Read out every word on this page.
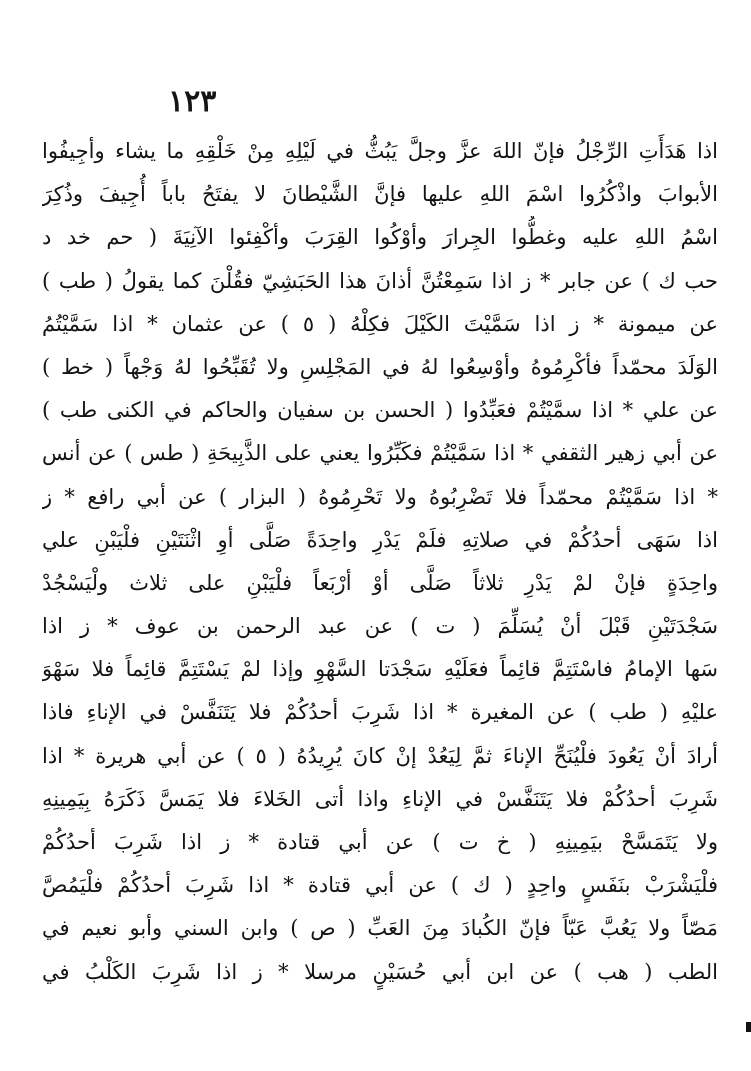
١٢٣
اذا هَدَأَتِ الرِّجْلُ فإنّ اللهَ عزَّ وجلَّ يَبُثُّ في لَيْلِهِ مِنْ خَلْقِهِ ما يشاء وأجِيفُوا
الأبوابَ واذْكُرُوا اسْمَ اللهِ عليها فإنَّ الشَّيْطانَ لا يفتَحُ باباً أُجِيفَ وذُكِرَ
اسْمُ اللهِ عليه وغطُّوا الجِرارَ وأوْكُوا القِرَبَ وأكْفِئوا الآنِيَةَ ( حم خد د
حب ك ) عن جابر * ز اذا سَمِعْتُنَّ أذانَ هذا الحَبَشِيّ فقُلْنَ كما يقولُ ( طب )
عن ميمونة * ز اذا سَمَّيْتَ الكَيْلَ فكِلْهُ ( ٥ ) عن عثمان * اذا سَمَّيْتُمُ
الوَلَدَ محمّداً فأكْرِمُوهُ وأوْسِعُوا لهُ في المَجْلِسِ ولا تُقَبِّحُوا لهُ وَجْهاً ( خط )
عن علي * اذا سمَّيْتُمْ فعَبِّدُوا ( الحسن بن سفيان والحاكم في الكنى طب )
عن أبي زهير الثقفي * اذا سَمَّيْتُمْ فكَبِّرُوا يعني على الذَّبِيحَةِ ( طس ) عن أنس
* اذا سَمَّيْتُمْ محمّداً فلا تَضْرِبُوهُ ولا تَحْرِمُوهُ ( البزار ) عن أبي رافع * ز
اذا سَهَى أحدُكُمْ في صلاتِهِ فلَمْ يَدْرِ واحِدَةً صَلَّى أوِ اثْنَتَيْنِ فلْيَبْنِ علي
واحِدَةٍ فإنْ لمْ يَدْرِ ثلاثاً صَلَّى أوْ أرْبَعاً فلْيَبْنِ على ثلاث ولْيَسْجُدْ
سَجْدَتَيْنِ قَبْلَ أنْ يُسَلِّمَ ( ت ) عن عبد الرحمن بن عوف * ز اذا
سَها الإمامُ فاسْتَتِمَّ قائِماً فعَلَيْهِ سَجْدَتا السَّهْوِ وإذا لمْ يَسْتَتِمَّ قائِماً فلا سَهْوَ
عليْهِ ( طب ) عن المغيرة * اذا شَرِبَ أحدُكُمْ فلا يَتَنَفَّسْ في الإناءِ فاذا
أرادَ أنْ يَعُودَ فلْيُنَحِّ الإناءَ ثمَّ لِيَعُدْ إنْ كانَ يُرِيدُهُ ( ٥ ) عن أبي هريرة * اذا
شَرِبَ أحدُكُمْ فلا يَتَنَفَّسْ في الإناءِ واذا أتى الخَلاءَ فلا يَمَسَّ ذَكَرَهُ بِيَمِينِهِ
ولا يَتَمَسَّحْ بيَمِينِهِ ( خ ت ) عن أبي قتادة * ز اذا شَرِبَ أحدُكُمْ
فلْيَشْرَبْ بنَفَسٍ واحِدٍ ( ك ) عن أبي قتادة * اذا شَرِبَ أحدُكُمْ فلْيَمُصَّ
مَصّاً ولا يَعُبَّ عَبّاً فإنّ الكُبادَ مِنَ العَبِّ ( ص ) وابن السني وأبو نعيم في
الطب ( هب ) عن ابن أبي حُسَيْنٍ مرسلا * ز اذا شَرِبَ الكَلْبُ في
